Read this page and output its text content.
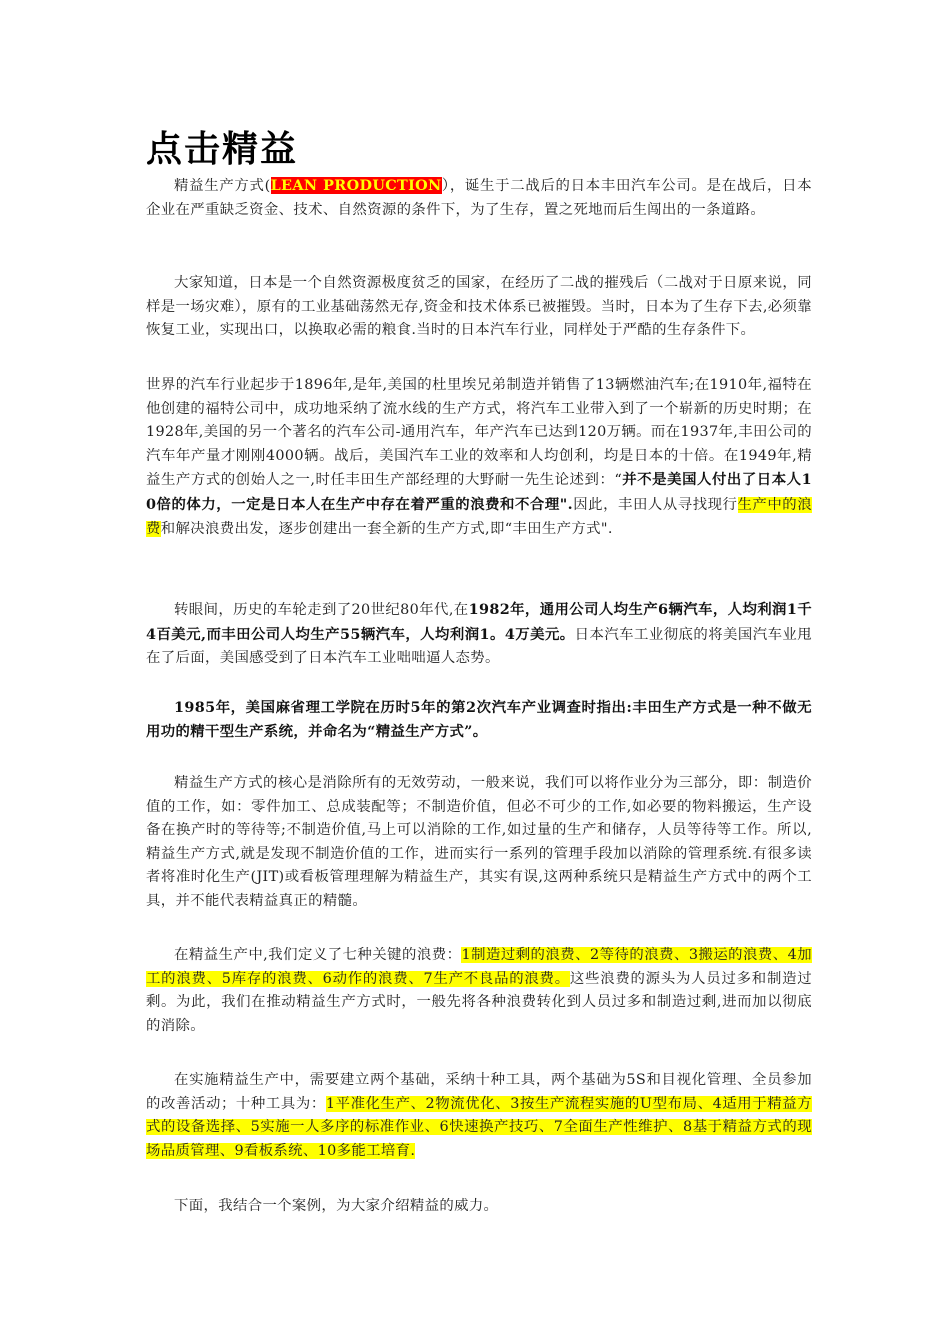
点击精益

精益生产方式(LEAN PRODUCTION），诞生于二战后的日本丰田汽车公司。是在战后，日本企业在严重缺乏资金、技术、自然资源的条件下，为了生存，置之死地而后生闯出的一条道路。

大家知道，日本是一个自然资源极度贫乏的国家，在经历了二战的摧残后（二战对于日原来说，同样是一场灾难），原有的工业基础荡然无存,资金和技术体系已被摧毁。当时，日本为了生存下去,必须靠恢复工业，实现出口，以换取必需的粮食.当时的日本汽车行业，同样处于严酷的生存条件下。

世界的汽车行业起步于1896年,是年,美国的杜里埃兄弟制造并销售了13辆燃油汽车;在1910年,福特在他创建的福特公司中，成功地采纳了流水线的生产方式，将汽车工业带入到了一个崭新的历史时期；在1928年,美国的另一个著名的汽车公司-通用汽车，年产汽车已达到120万辆。而在1937年,丰田公司的汽车年产量才刚刚4000辆。战后，美国汽车工业的效率和人均创利，均是日本的十倍。在1949年,精益生产方式的创始人之一,时任丰田生产部经理的大野耐一先生论述到：“并不是美国人付出了日本人10倍的体力，一定是日本人在生产中存在着严重的浪费和不合理".因此，丰田人从寻找现行生产中的浪费和解决浪费出发，逐步创建出一套全新的生产方式,即“丰田生产方式".

转眼间，历史的车轮走到了20世纪80年代,在1982年，通用公司人均生产6辆汽车，人均利润1千4百美元,而丰田公司人均生产55辆汽车，人均利润1。4万美元。日本汽车工业彻底的将美国汽车业甩在了后面，美国感受到了日本汽车工业咄咄逼人态势。

1985年，美国麻省理工学院在历时5年的第2次汽车产业调查时指出:丰田生产方式是一种不做无用功的精干型生产系统，并命名为“精益生产方式”。

精益生产方式的核心是消除所有的无效劳动，一般来说，我们可以将作业分为三部分，即：制造价值的工作，如：零件加工、总成装配等；不制造价值，但必不可少的工作,如必要的物料搬运，生产设备在换产时的等待等;不制造价值,马上可以消除的工作,如过量的生产和储存，人员等待等工作。所以,精益生产方式,就是发现不制造价值的工作，进而实行一系列的管理手段加以消除的管理系统.有很多读者将准时化生产(JIT)或看板管理理解为精益生产，其实有误,这两种系统只是精益生产方式中的两个工具，并不能代表精益真正的精髓。

在精益生产中,我们定义了七种关键的浪费：1制造过剩的浪费、2等待的浪费、3搬运的浪费、4加工的浪费、5库存的浪费、6动作的浪费、7生产不良品的浪费。这些浪费的源头为人员过多和制造过剩。为此，我们在推动精益生产方式时，一般先将各种浪费转化到人员过多和制造过剩,进而加以彻底的消除。

在实施精益生产中，需要建立两个基础，采纳十种工具，两个基础为5S和目视化管理、全员参加的改善活动；十种工具为：1平准化生产、2物流优化、3按生产流程实施的U型布局、4适用于精益方式的设备选择、5实施一人多序的标准作业、6快速换产技巧、7全面生产性维护、8基于精益方式的现场品质管理、9看板系统、10多能工培育.

下面，我结合一个案例，为大家介绍精益的威力。
